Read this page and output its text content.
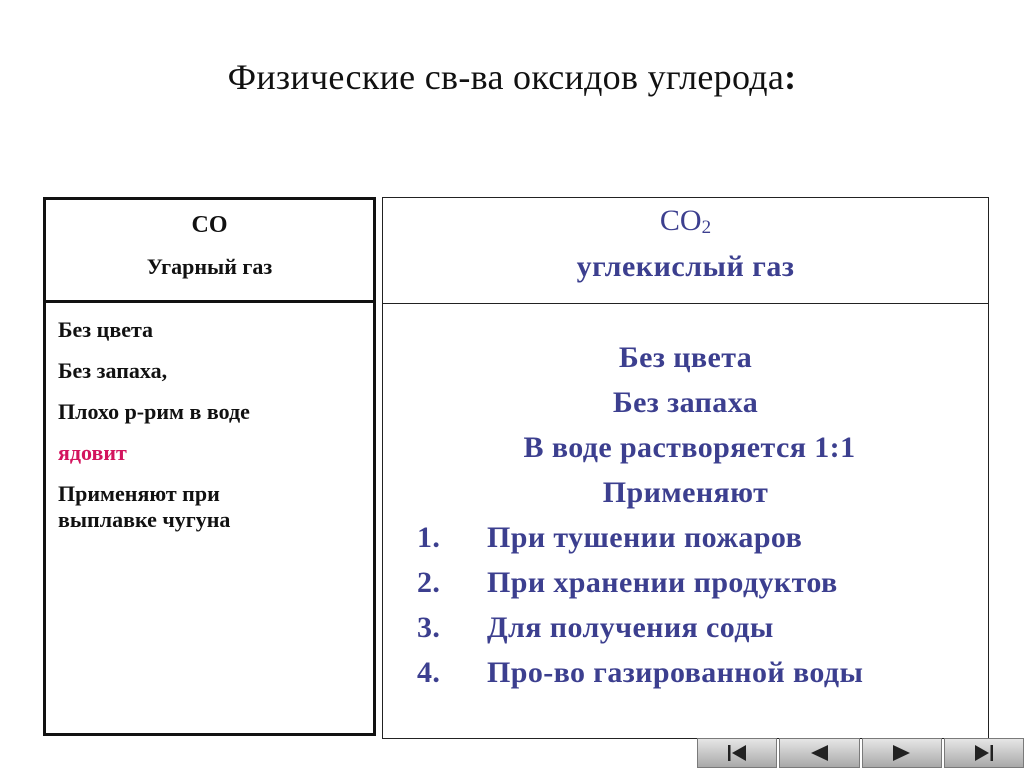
Физические св-ва оксидов углерода:
СО
Угарный газ
Без цвета
Без запаха,
Плохо р-рим в воде
ядовит
Применяют при
выплавке чугуна
$СО_2$
углекислый газ
Без цвета
Без запаха
В воде растворяется 1:1
Применяют
1. При тушении пожаров
2. При хранении продуктов
3. Для получения соды
4. Про-во газированной воды
